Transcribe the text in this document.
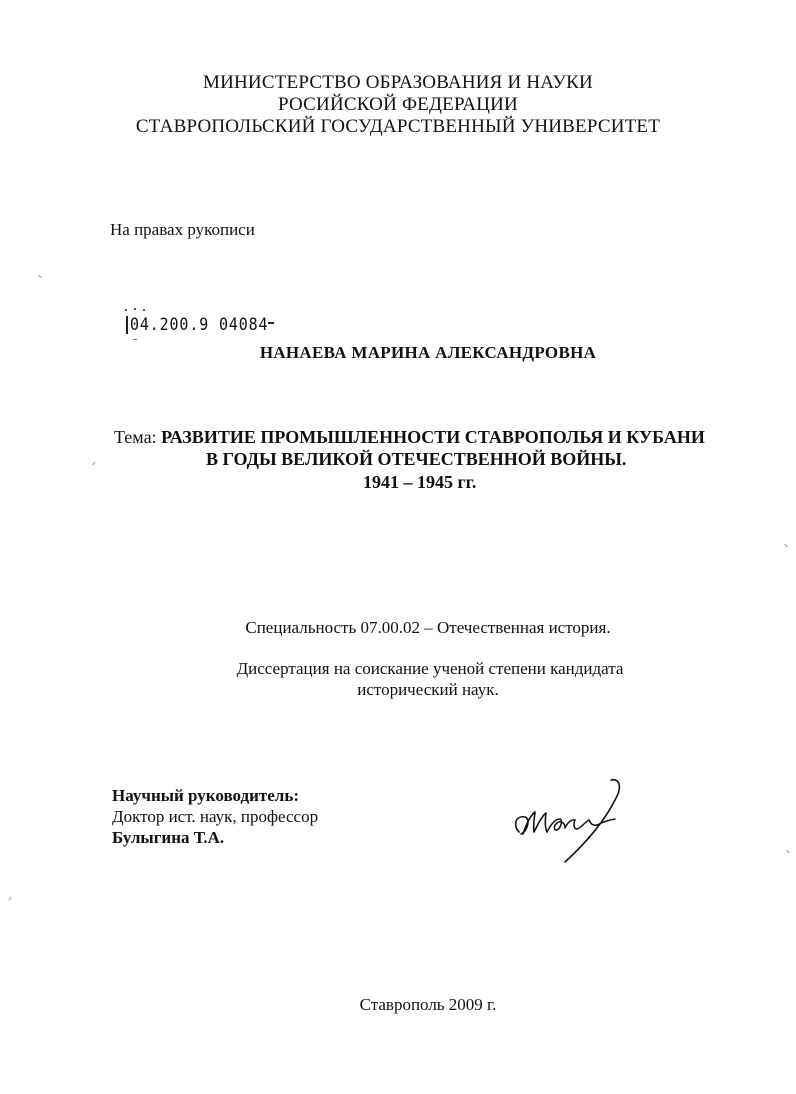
МИНИСТЕРСТВО ОБРАЗОВАНИЯ И НАУКИ
РОСИЙСКОЙ ФЕДЕРАЦИИ
СТАВРОПОЛЬСКИЙ ГОСУДАРСТВЕННЫЙ УНИВЕРСИТЕТ
На правах рукописи
04.200.9 04084
НАНАЕВА МАРИНА АЛЕКСАНДРОВНА
Тема: РАЗВИТИЕ ПРОМЫШЛЕННОСТИ СТАВРОПОЛЬЯ И КУБАНИ
В ГОДЫ ВЕЛИКОЙ ОТЕЧЕСТВЕННОЙ ВОЙНЫ.
1941 – 1945 гг.
Специальность 07.00.02 – Отечественная история.
Диссертация на соискание ученой степени кандидата
исторический наук.
Научный руководитель:
Доктор ист. наук, профессор
Булыгина Т.А.
Ставрополь 2009 г.
